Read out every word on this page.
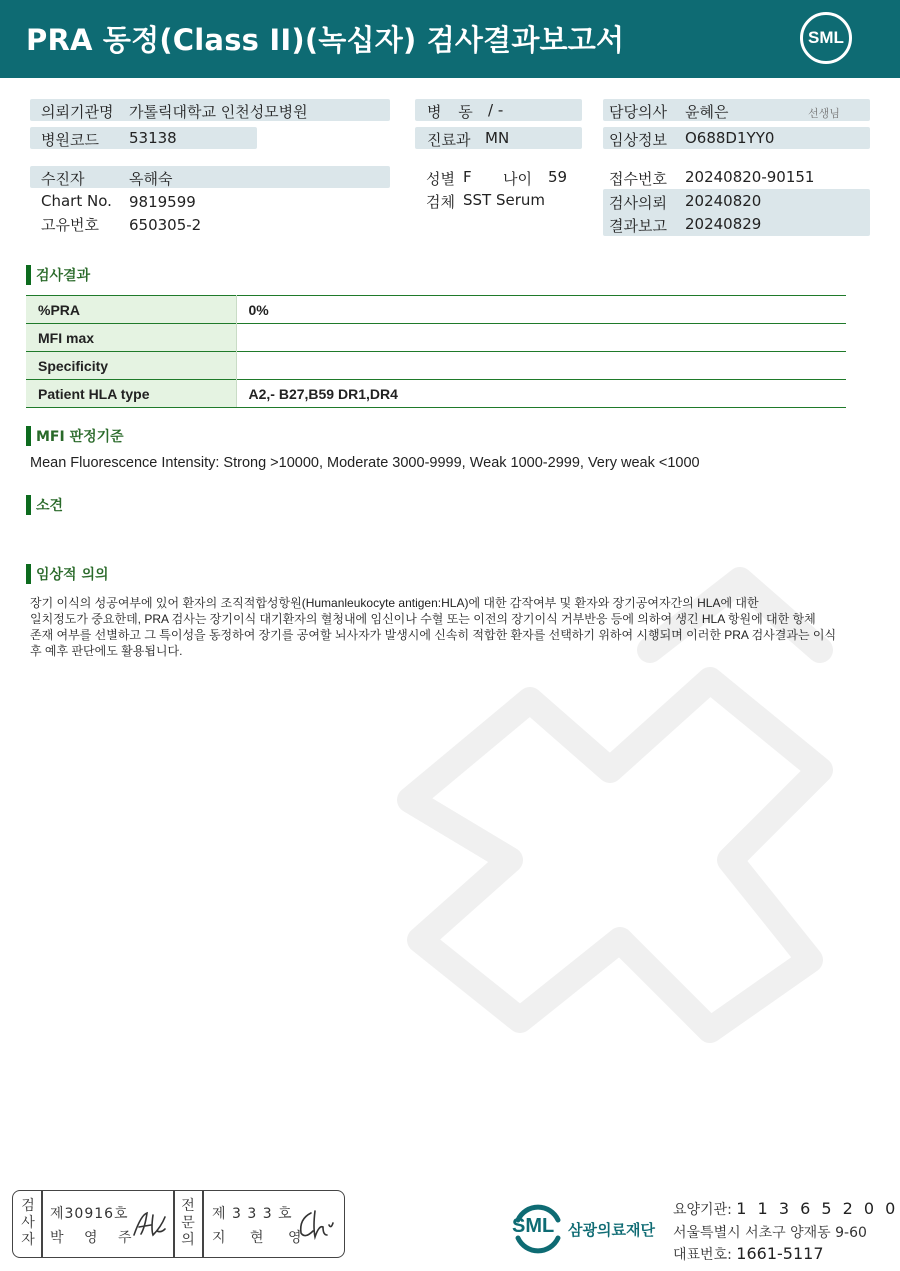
PRA 동정(Class II)(녹십자) 검사결과보고서	SML
의뢰기관명 가톨릭대학교 인천성모병원
병원코드 53138
수진자	옥해숙
Chart No. 9819599
고유번호 650305-2
병 동 / -
진료과 MN
성별 F 나이 59
검체 SST Serum
담당의사 윤혜은	선생님
임상정보 O688D1YY0
접수번호 20240820-90151
검사의뢰 20240820
결과보고 20240829
검사결과
%PRA	0%
MFI max	
Specificity	
Patient HLA type	A2,- B27,B59 DR1,DR4
MFI 판정기준
Mean Fluorescence Intensity: Strong >10000, Moderate 3000-9999, Weak 1000-2999, Very weak <1000
소견
임상적 의의
장기 이식의 성공여부에 있어 환자의 조직적합성항원(Humanleukocyte antigen:HLA)에 대한 감작여부 및 환자와 장기공여자간의 HLA에 대한
일치정도가 중요한데, PRA 검사는 장기이식 대기환자의 혈청내에 임신이나 수혈 또는 이전의 장기이식 거부반응 등에 의하여 생긴 HLA 항원에 대한 항체
존재 여부를 선별하고 그 특이성을 동정하여 장기를 공여할 뇌사자가 발생시에 신속히 적합한 환자를 선택하기 위하여 시행되며 이러한 PRA 검사결과는 이식
후 예후 판단에도 활용됩니다.
검사자
제30916호
박 영 주
전문의
제 3 3 3 호
지 현 영
SML 삼광의료재단
요양기관: 1 1 3 6 5 2 0 0
서울특별시 서초구 양재동 9-60
대표번호: 1661-5117
